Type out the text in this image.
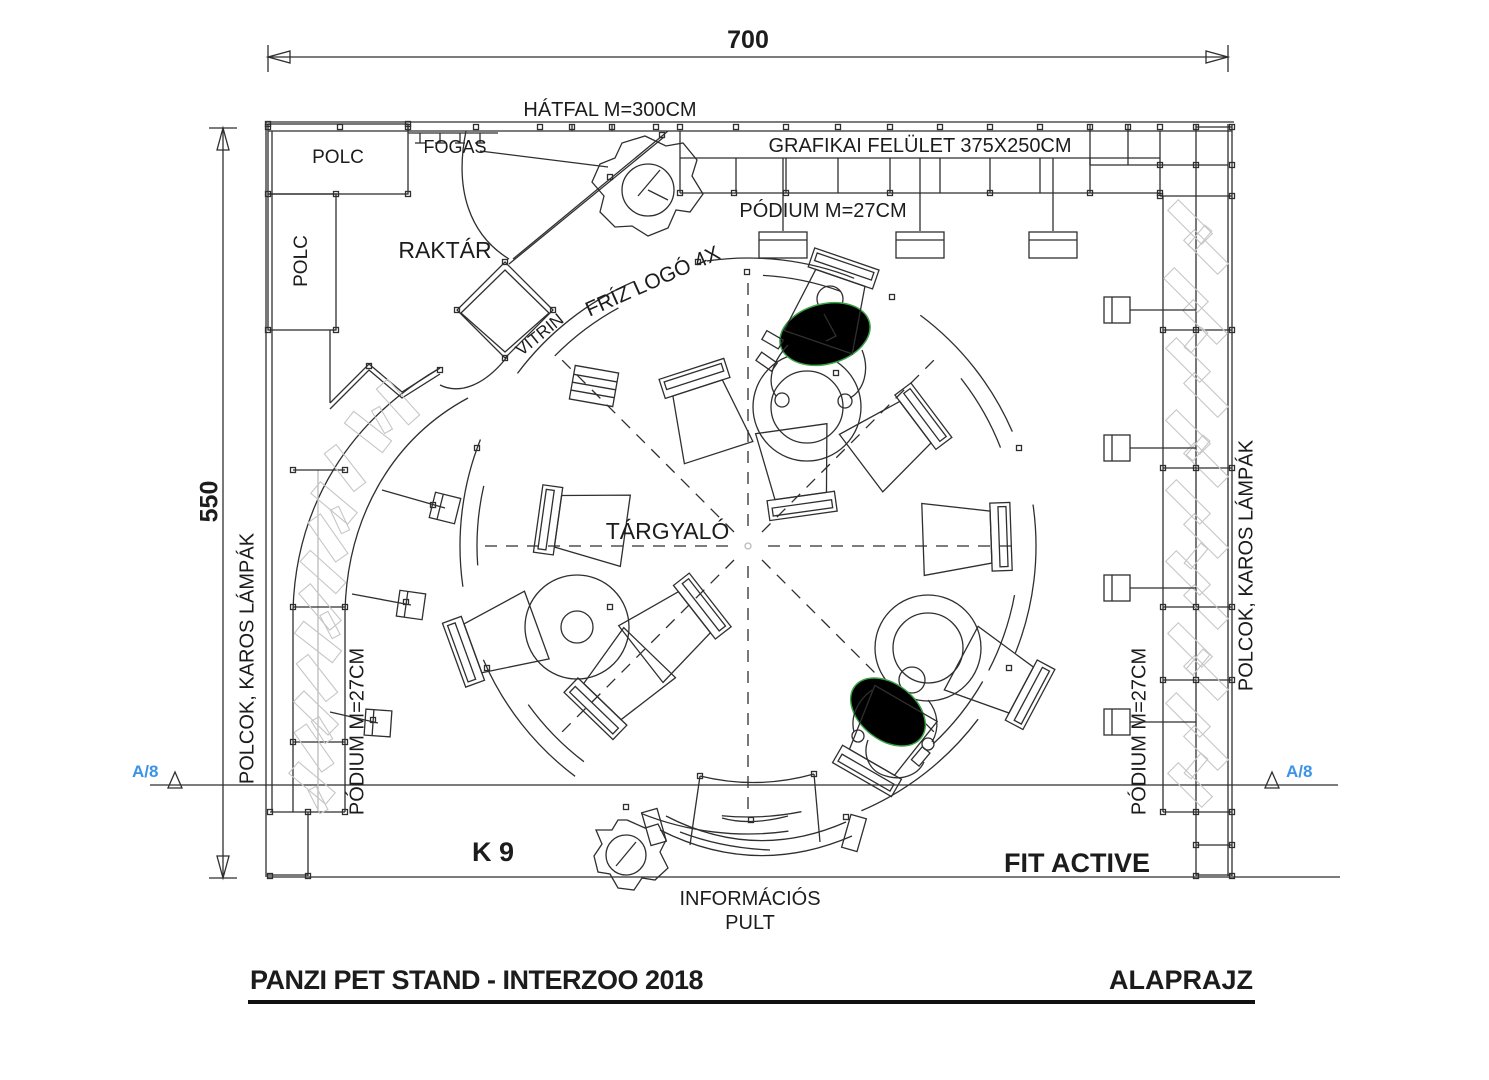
700
550
HÁTFAL M=300CM
GRAFIKAI FELÜLET 375X250CM
PÓDIUM M=27CM
POLC
POLC
FOGAS
RAKTÁR	FRÍZ LOGÓ 4X
VITRIN
TÁRGYALÓ
PÓDIUM M=27CM	PÓDIUM M=27CM
POLCOK, KAROS LÁMPÁK	POLCOK, KAROS LÁMPÁK
A/8	A/8
K 9	FIT ACTIVE
INFORMÁCIÓS
PULT
PANZI PET STAND - INTERZOO 2018	ALAPRAJZ
